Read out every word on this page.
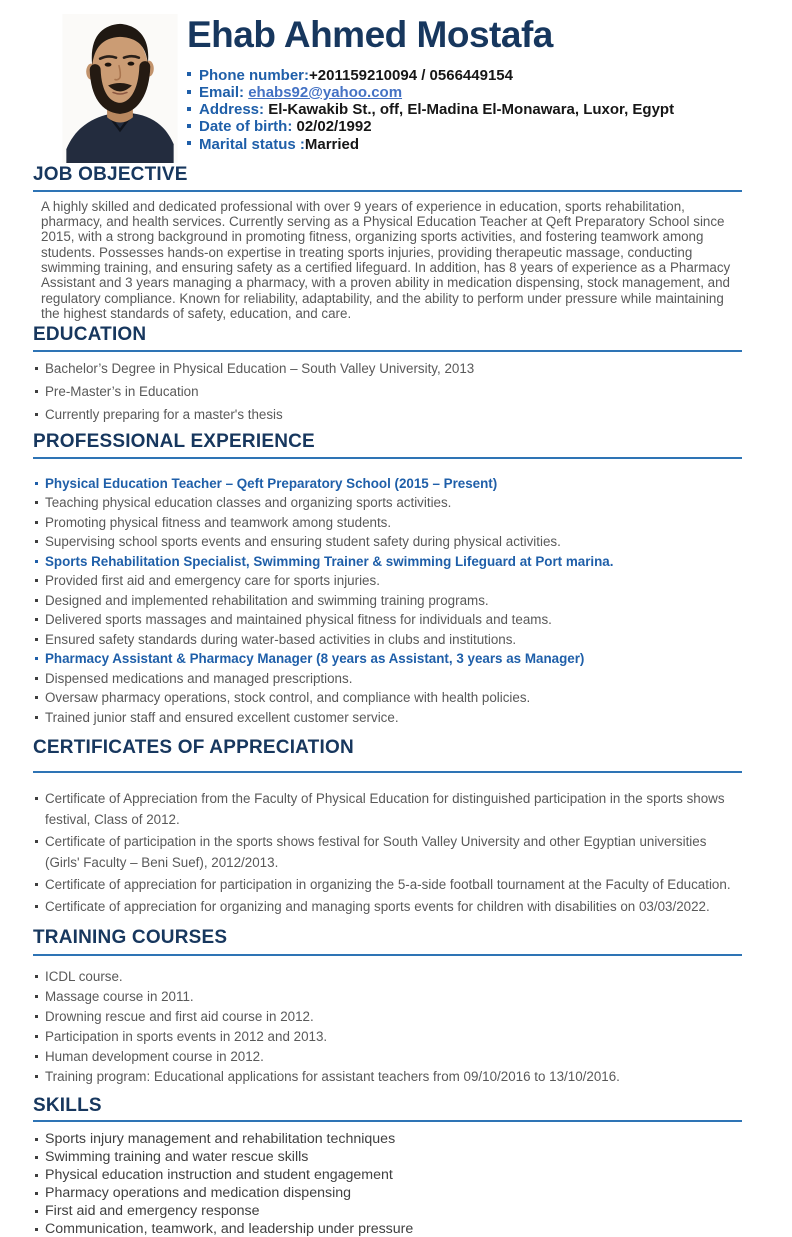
Ehab Ahmed Mostafa
Phone number: +201159210094 / 0566449154
Email: ehabs92@yahoo.com
Address: El-Kawakib St., off, El-Madina El-Monawara, Luxor, Egypt
Date of birth: 02/02/1992
Marital status : Married
JOB OBJECTIVE

A highly skilled and dedicated professional with over 9 years of experience in education, sports rehabilitation, pharmacy, and health services. Currently serving as a Physical Education Teacher at Qeft Preparatory School since 2015, with a strong background in promoting fitness, organizing sports activities, and fostering teamwork among students. Possesses hands-on expertise in treating sports injuries, providing therapeutic massage, conducting swimming training, and ensuring safety as a certified lifeguard. In addition, has 8 years of experience as a Pharmacy Assistant and 3 years managing a pharmacy, with a proven ability in medication dispensing, stock management, and regulatory compliance. Known for reliability, adaptability, and the ability to perform under pressure while maintaining the highest standards of safety, education, and care.

EDUCATION
Bachelor’s Degree in Physical Education – South Valley University, 2013
Pre-Master’s in Education
Currently preparing for a master's thesis
PROFESSIONAL EXPERIENCE
Physical Education Teacher – Qeft Preparatory School (2015 – Present)
Teaching physical education classes and organizing sports activities.
Promoting physical fitness and teamwork among students.
Supervising school sports events and ensuring student safety during physical activities.
Sports Rehabilitation Specialist, Swimming Trainer & swimming Lifeguard at Port marina.
Provided first aid and emergency care for sports injuries.
Designed and implemented rehabilitation and swimming training programs.
Delivered sports massages and maintained physical fitness for individuals and teams.
Ensured safety standards during water-based activities in clubs and institutions.
Pharmacy Assistant & Pharmacy Manager (8 years as Assistant, 3 years as Manager)
Dispensed medications and managed prescriptions.
Oversaw pharmacy operations, stock control, and compliance with health policies.
Trained junior staff and ensured excellent customer service.
CERTIFICATES OF APPRECIATION
Certificate of Appreciation from the Faculty of Physical Education for distinguished participation in the sports shows festival, Class of 2012.
Certificate of participation in the sports shows festival for South Valley University and other Egyptian universities (Girls' Faculty – Beni Suef), 2012/2013.
Certificate of appreciation for participation in organizing the 5-a-side football tournament at the Faculty of Education.
Certificate of appreciation for organizing and managing sports events for children with disabilities on 03/03/2022.
TRAINING COURSES
ICDL course.
Massage course in 2011.
Drowning rescue and first aid course in 2012.
Participation in sports events in 2012 and 2013.
Human development course in 2012.
Training program: Educational applications for assistant teachers from 09/10/2016 to 13/10/2016.
SKILLS
Sports injury management and rehabilitation techniques
Swimming training and water rescue skills
Physical education instruction and student engagement
Pharmacy operations and medication dispensing
First aid and emergency response
Communication, teamwork, and leadership under pressure
